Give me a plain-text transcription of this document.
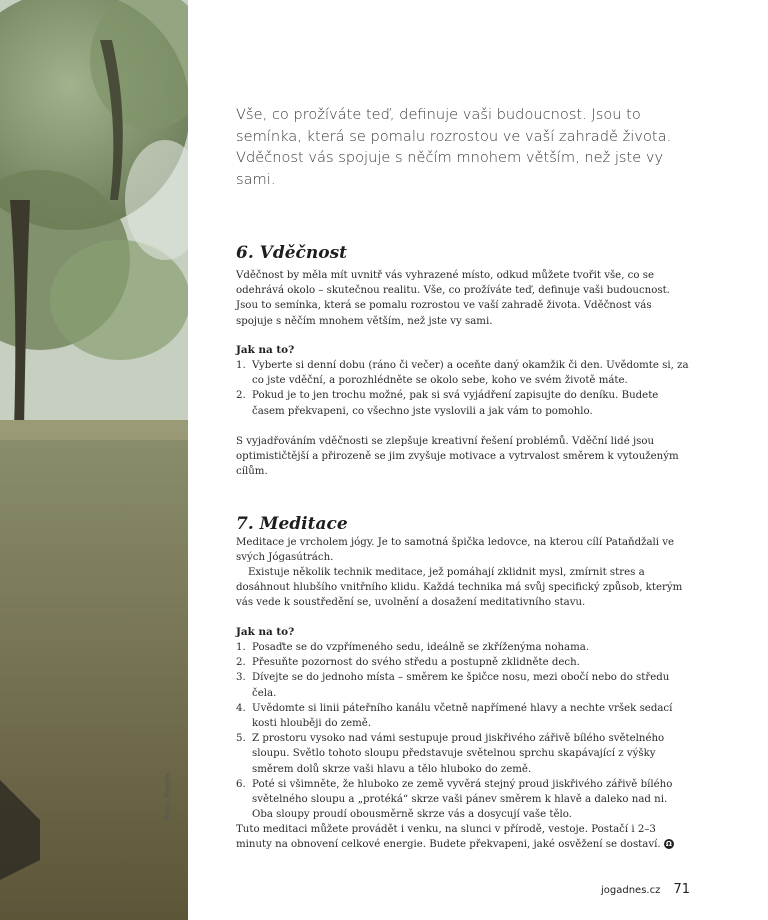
Foto: Pexels

Vše, co prožíváte teď, definuje vaši budoucnost. Jsou to semínka, která se pomalu rozrostou ve vaší zahradě života. Vděčnost vás spojuje s něčím mnohem větším, než jste vy sami.

6. Vděčnost

Vděčnost by měla mít uvnitř vás vyhrazené místo, odkud můžete tvořit vše, co se odehrává okolo – skutečnou realitu. Vše, co prožíváte teď, definuje vaši budoucnost. Jsou to semínka, která se pomalu rozrostou ve vaší zahradě života. Vděčnost vás spojuje s něčím mnohem větším, než jste vy sami.

Jak na to?

1. Vyberte si denní dobu (ráno či večer) a oceňte daný okamžik či den. Uvědomte si, za co jste vděční, a porozhlédněte se okolo sebe, koho ve svém životě máte.
2. Pokud je to jen trochu možné, pak si svá vyjádření zapisujte do deníku. Budete časem překvapeni, co všechno jste vyslovili a jak vám to pomohlo.

S vyjadřováním vděčnosti se zlepšuje kreativní řešení problémů. Vděční lidé jsou optimističtější a přirozeně se jim zvyšuje motivace a vytrvalost směrem k vytouženým cílům.

7. Meditace

Meditace je vrcholem jógy. Je to samotná špička ledovce, na kterou cílí Pataňdžali ve svých Jógasútrách.

Existuje několik technik meditace, jež pomáhají zklidnit mysl, zmírnit stres a dosáhnout hlubšího vnitřního klidu. Každá technika má svůj specifický způsob, kterým vás vede k soustředění se, uvolnění a dosažení meditativního stavu.

Jak na to?

1. Posaďte se do vzpřímeného sedu, ideálně se zkříženýma nohama.
2. Přesuňte pozornost do svého středu a postupně zklidněte dech.
3. Dívejte se do jednoho místa – směrem ke špičce nosu, mezi obočí nebo do středu čela.
4. Uvědomte si linii páteřního kanálu včetně napřímené hlavy a nechte vršek sedací kosti hlouběji do země.
5. Z prostoru vysoko nad vámi sestupuje proud jiskřivého zářivě bílého světelného sloupu. Světlo tohoto sloupu představuje světelnou sprchu skapávající z výšky směrem dolů skrze vaši hlavu a tělo hluboko do země.
6. Poté si všimněte, že hluboko ze země vyvěrá stejný proud jiskřivého zářivě bílého světelného sloupu a „protéká“ skrze vaši pánev směrem k hlavě a daleko nad ni. Oba sloupy proudí obousměrně skrze vás a dosycují vaše tělo.

Tuto meditaci můžete provádět i venku, na slunci v přírodě, vestoje. Postačí i 2–3 minuty na obnovení celkové energie. Budete překvapeni, jaké osvěžení se dostaví. Ω

jogadnes.cz 71
